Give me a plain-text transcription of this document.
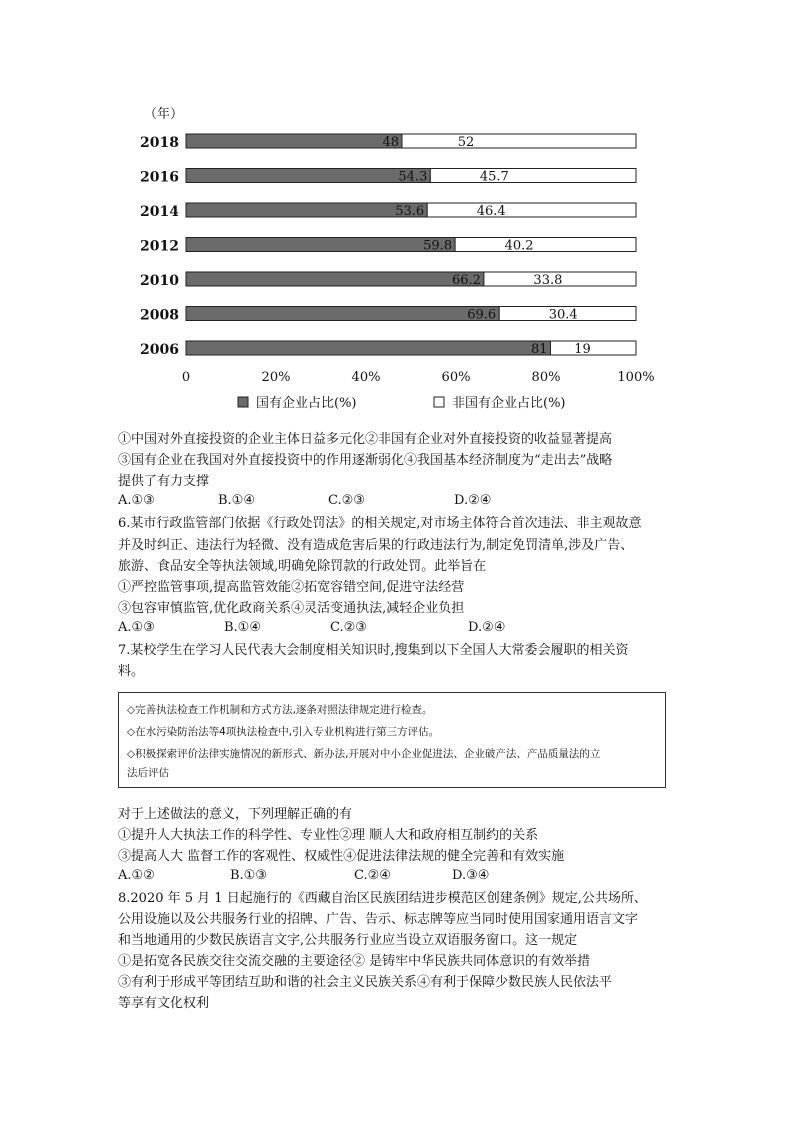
（年）
2018	48	52
2016	54.3	45.7
2014	53.6	46.4
2012	59.8	40.2
2010	66.2	33.8
2008	69.6	30.4
2006	81 19
0	20%	40%	60%	80%	100%
国有企业占比(%)	非国有企业占比(%)
①中国对外直接投资的企业主体日益多元化②非国有企业对外直接投资的收益显著提高
③国有企业在我国对外直接投资中的作用逐渐弱化④我国基本经济制度为“走出去”战略
提供了有力支撑
A.①③	B.①④	C.②③	D.②④
6.某市行政监管部门依据《行政处罚法》的相关规定,对市场主体符合首次违法、非主观故意
并及时纠正、违法行为轻微、没有造成危害后果的行政违法行为,制定免罚清单,涉及广告、
旅游、食品安全等执法领域,明确免除罚款的行政处罚。此举旨在
①严控监管事项,提高监管效能②拓宽容错空间,促进守法经营
③包容审慎监管,优化政商关系④灵活变通执法,减轻企业负担
A.①③	B.①④	C.②③	D.②④
7.某校学生在学习人民代表大会制度相关知识时,搜集到以下全国人大常委会履职的相关资
料。
◇完善执法检查工作机制和方式方法,逐条对照法律规定进行检查。
◇在水污染防治法等4项执法检查中,引入专业机构进行第三方评估。
◇积极探索评价法律实施情况的新形式、新办法,开展对中小企业促进法、企业破产法、产品质量法的立
法后评估
对于上述做法的意义，下列理解正确的有
①提升人大执法工作的科学性、专业性②理 顺人大和政府相互制约的关系
③提高人大 监督工作的客观性、权威性④促进法律法规的健全完善和有效实施
A.①②	B.①③	C.②④	D.③④
8.2020 年 5 月 1 日起施行的《西藏自治区民族团结进步模范区创建条例》规定,公共场所、
公用设施以及公共服务行业的招牌、广告、告示、标志牌等应当同时使用国家通用语言文字
和当地通用的少数民族语言文字,公共服务行业应当设立双语服务窗口。这一规定
①是拓宽各民族交往交流交融的主要途径② 是铸牢中华民族共同体意识的有效举措
③有利于形成平等团结互助和谐的社会主义民族关系④有利于保障少数民族人民依法平
等享有文化权利
